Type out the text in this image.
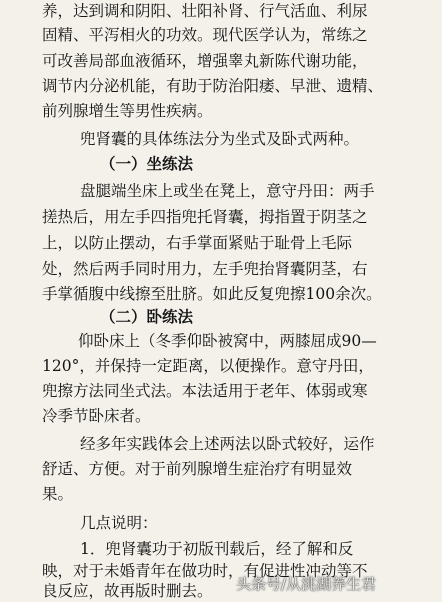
养，达到调和阴阳、壮阳补肾、行气活血、利尿
固精、平泻相火的功效。现代医学认为，常练之
可改善局部血液循环，增强睾丸新陈代谢功能，
调节内分泌机能，有助于防治阳痿、早泄、遗精、
前列腺增生等男性疾病。
兜肾囊的具体练法分为坐式及卧式两种。
（一）坐练法
盘腿端坐床上或坐在凳上，意守丹田：两手
搓热后，用左手四指兜托肾囊，拇指置于阴茎之
上，以防止摆动，右手掌面紧贴于耻骨上毛际
处，然后两手同时用力，左手兜抬肾囊阴茎，右
手掌循腹中线擦至肚脐。如此反复兜擦100余次。
（二）卧练法
仰卧床上（冬季仰卧被窝中，两膝屈成90—
120°，并保持一定距离，以便操作。意守丹田，
兜擦方法同坐式法。本法适用于老年、体弱或寒
冷季节卧床者。
经多年实践体会上述两法以卧式较好，运作
舒适、方便。对于前列腺增生症治疗有明显效
果。
几点说明：
1．兜肾囊功于初版刊载后，经了解和反
映，对于未婚青年在做功时，有促进性冲动等不
良反应，故再版时删去。 头条号/从洮湖养生君
